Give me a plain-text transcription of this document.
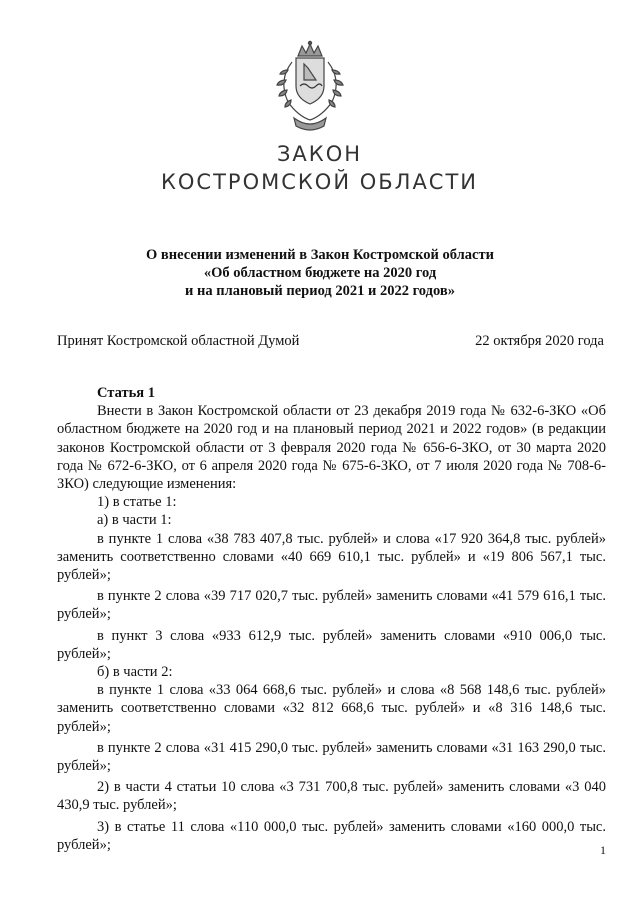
ЗАКОН
КОСТРОМСКОЙ ОБЛАСТИ
О внесении изменений в Закон Костромской области
«Об областном бюджете на 2020 год
и на плановый период 2021 и 2022 годов»
Принят Костромской областной Думой	22 октября 2020 года
Статья 1

Внести в Закон Костромской области от 23 декабря 2019 года № 632-6-ЗКО «Об областном бюджете на 2020 год и на плановый период 2021 и 2022 годов» (в редакции законов Костромской области от 3 февраля 2020 года № 656-6-ЗКО, от 30 марта 2020 года № 672-6-ЗКО, от 6 апреля 2020 года № 675-6-ЗКО, от 7 июля 2020 года № 708-6-ЗКО) следующие изменения:

1) в статье 1:

а) в части 1:

в пункте 1 слова «38 783 407,8 тыс. рублей» и слова «17 920 364,8 тыс. рублей» заменить соответственно словами «40 669 610,1 тыс. рублей» и «19 806 567,1 тыс. рублей»;

в пункте 2 слова «39 717 020,7 тыс. рублей» заменить словами «41 579 616,1 тыс. рублей»;

в пункт 3 слова «933 612,9 тыс. рублей» заменить словами «910 006,0 тыс. рублей»;

б) в части 2:

в пункте 1 слова «33 064 668,6 тыс. рублей» и слова «8 568 148,6 тыс. рублей» заменить соответственно словами «32 812 668,6 тыс. рублей» и «8 316 148,6 тыс. рублей»;

в пункте 2 слова «31 415 290,0 тыс. рублей» заменить словами «31 163 290,0 тыс. рублей»;

2) в части 4 статьи 10 слова «3 731 700,8 тыс. рублей» заменить словами «3 040 430,9 тыс. рублей»;

3) в статье 11 слова «110 000,0 тыс. рублей» заменить словами «160 000,0 тыс. рублей»;	1
